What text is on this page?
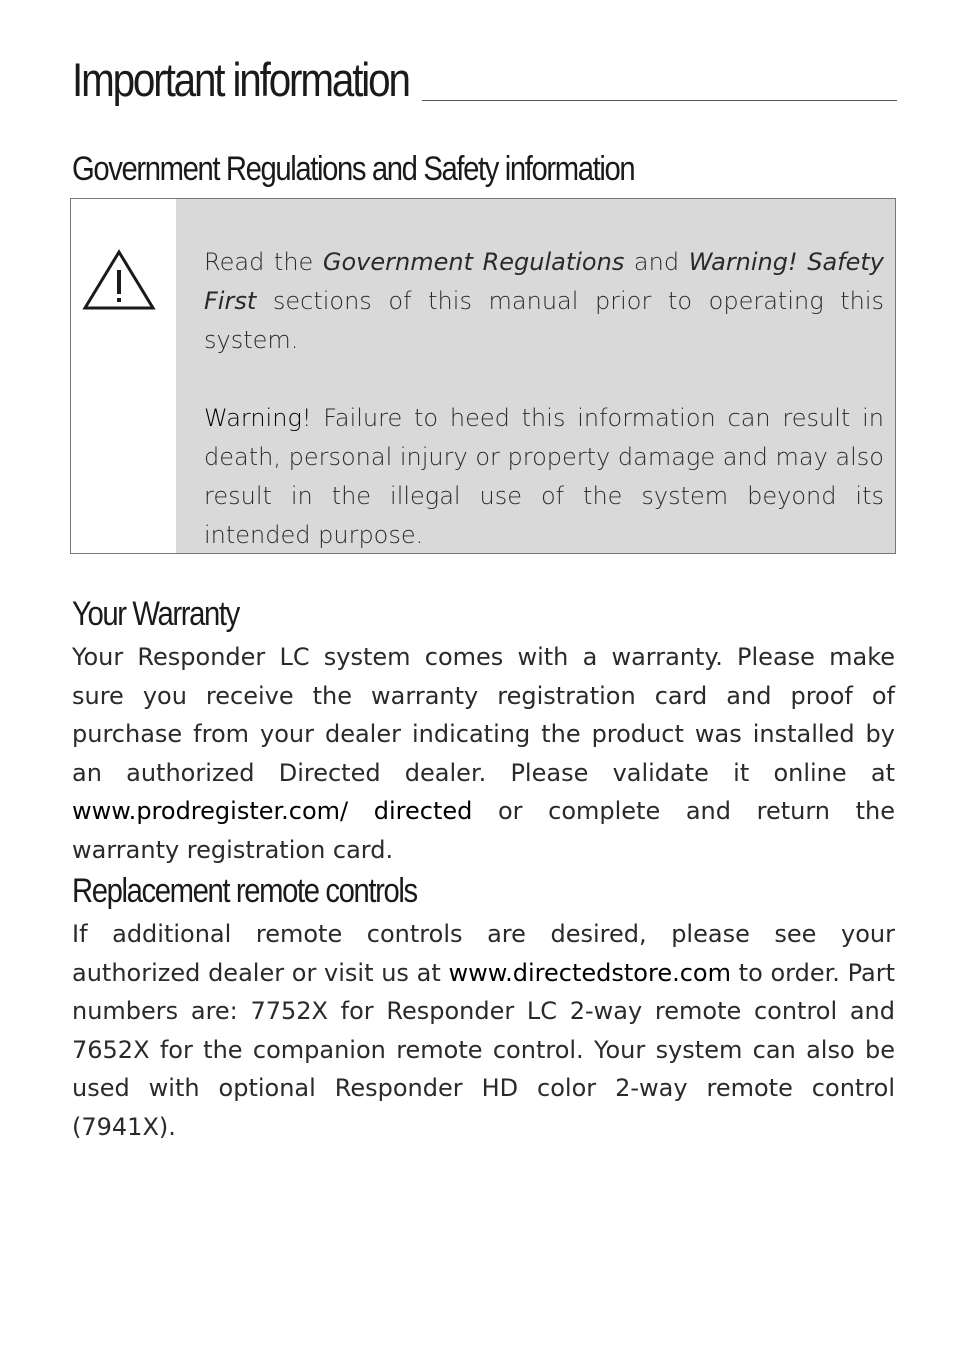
Important information
Government Regulations and Safety information

Read the Government Regulations and Warning! Safety First sections of this manual prior to operating this system.

Warning! Failure to heed this information can result in death, personal injury or property damage and may also result in the illegal use of the system beyond its intended purpose.

Your Warranty

Your Responder LC system comes with a warranty. Please make sure you receive the warranty registration card and proof of purchase from your dealer indicating the product was installed by an authorized Directed dealer. Please validate it online at www.prodregister.com/ directed or complete and return the warranty registration card.

Replacement remote controls

If additional remote controls are desired, please see your authorized dealer or visit us at www.directedstore.com to order. Part numbers are: 7752X for Responder LC 2-way remote control and 7652X for the companion remote control. Your system can also be used with optional Responder HD color 2-way remote control (7941X).
